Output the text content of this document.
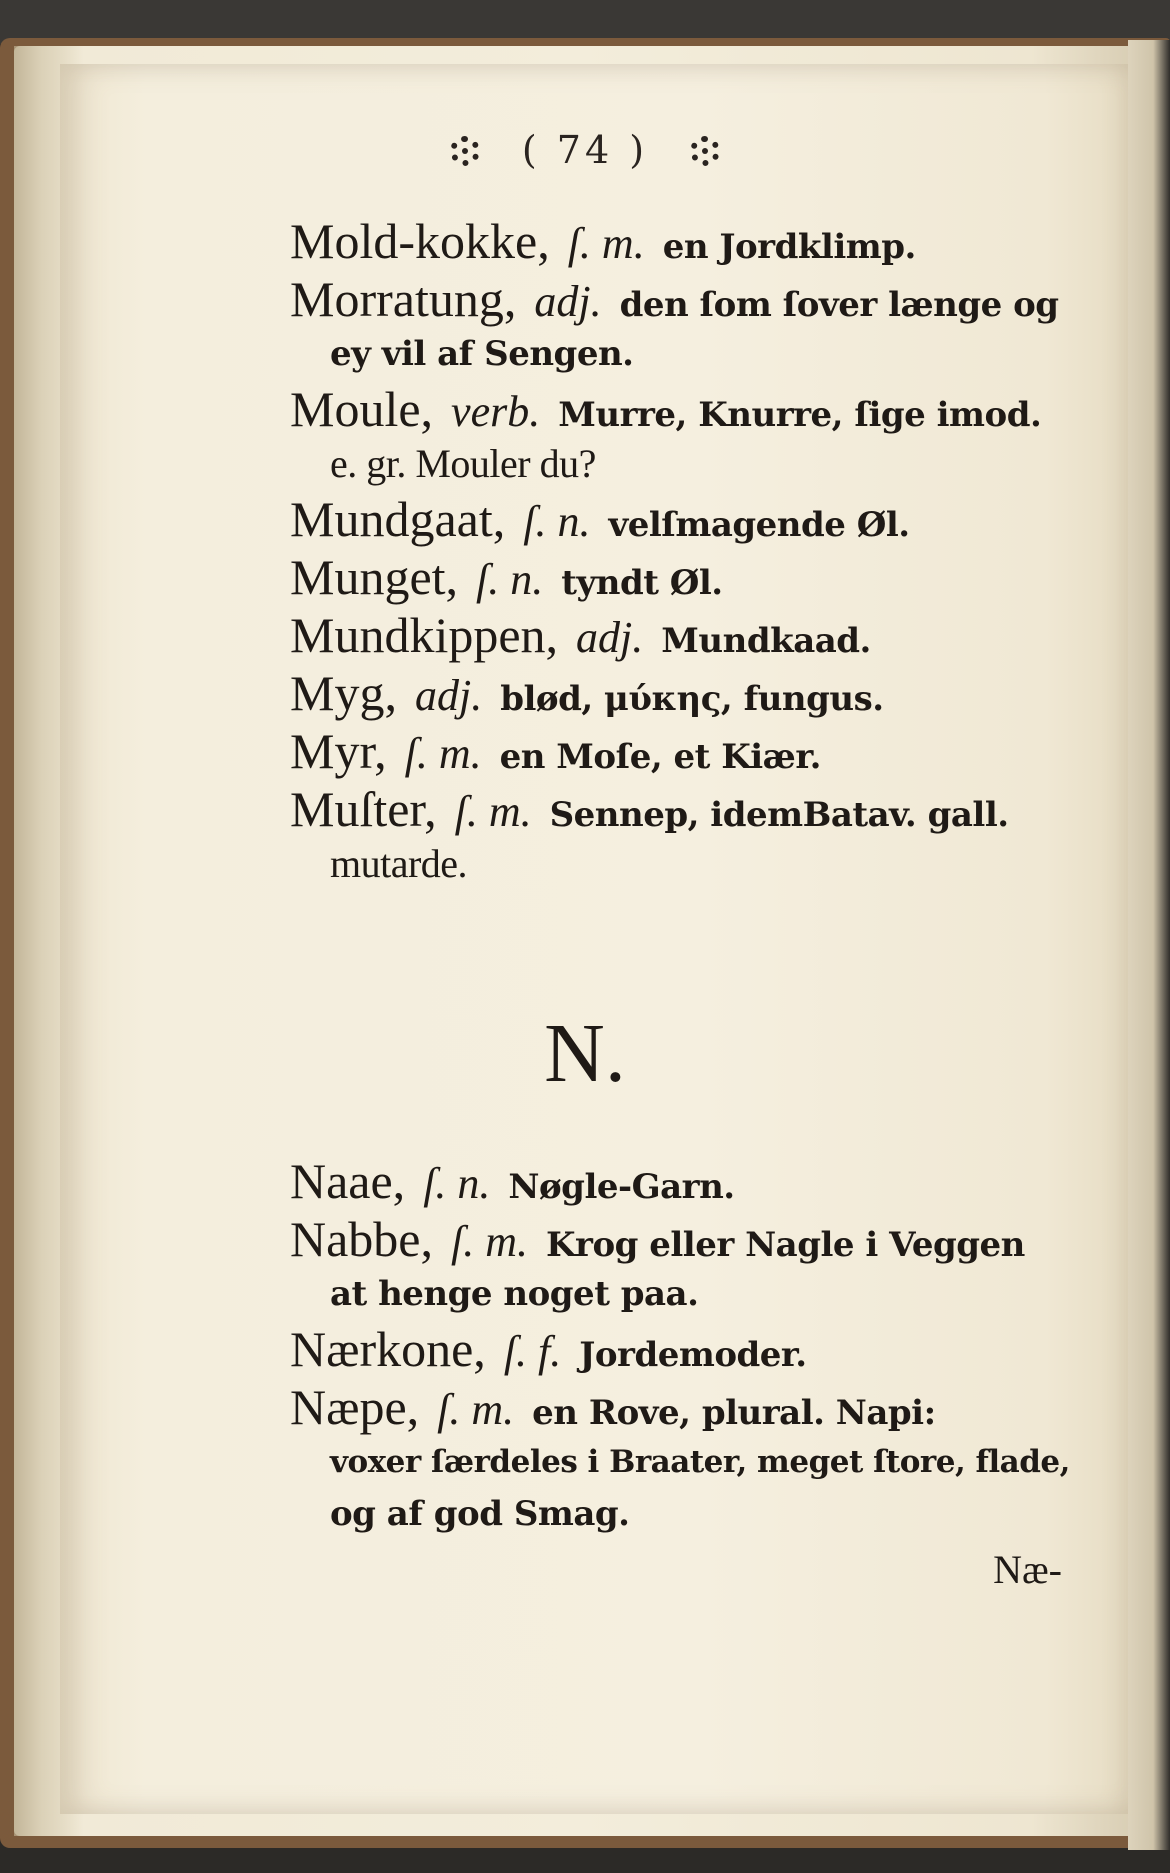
( 74 )
Mold-kokke, ſ. m. en Jordklimp.
Morratung, adj. den ſom ſover længe og
ey vil af Sengen.
Moule, verb. Murre, Knurre, ſige imod.
e. gr. Mouler du?
Mundgaat, ſ. n. velſmagende Øl.
Munget, ſ. n. tyndt Øl.
Mundkippen, adj. Mundkaad.
Myg, adj. blød, μύκης, fungus.
Myr, ſ. m. en Moſe, et Kiær.
Muſter, ſ. m. Sennep, idemBatav. gall.
mutarde.
N.
Naae, ſ. n. Nøgle-Garn.
Nabbe, ſ. m. Krog eller Nagle i Veggen
at henge noget paa.
Nærkone, ſ. f. Jordemoder.
Næpe, ſ. m. en Rove, plural. Napi:
voxer ſærdeles i Braater, meget ſtore, flade,
og af god Smag.
Næ-
